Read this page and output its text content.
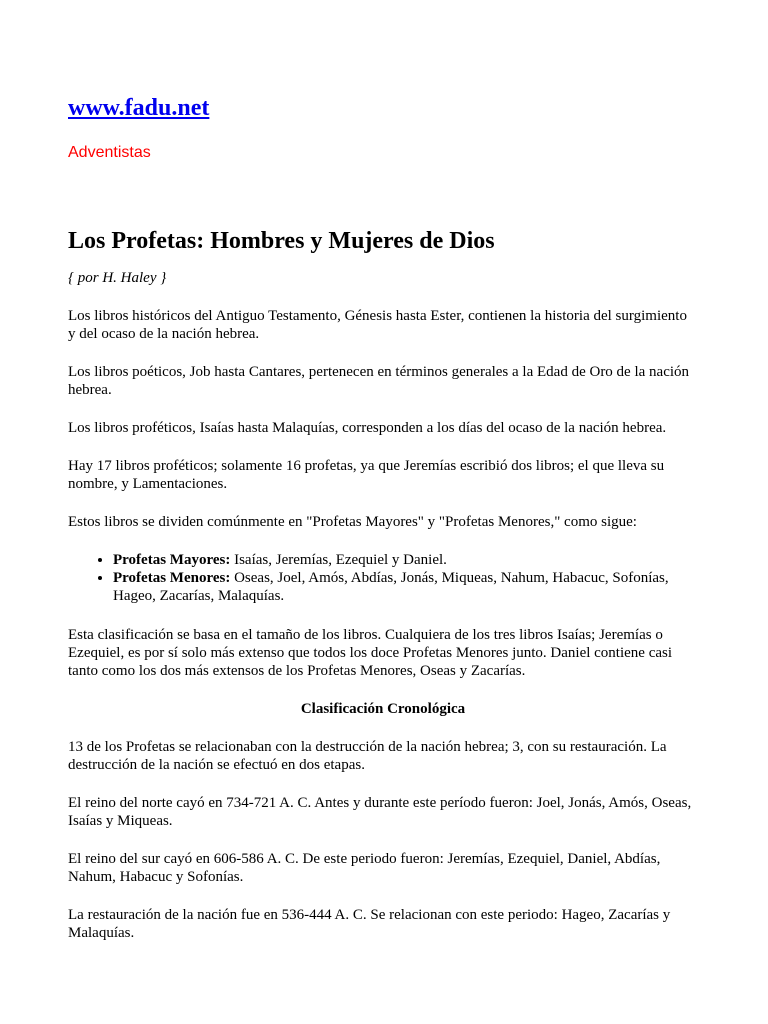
www.fadu.net
Adventistas
Los Profetas: Hombres y Mujeres de Dios

{ por H. Haley }

Los libros históricos del Antiguo Testamento, Génesis hasta Ester, contienen la historia del surgimiento y del ocaso de la nación hebrea.

Los libros poéticos, Job hasta Cantares, pertenecen en términos generales a la Edad de Oro de la nación hebrea.

Los libros proféticos, Isaías hasta Malaquías, corresponden a los días del ocaso de la nación hebrea.

Hay 17 libros proféticos; solamente 16 profetas, ya que Jeremías escribió dos libros; el que lleva su nombre, y Lamentaciones.

Estos libros se dividen comúnmente en "Profetas Mayores" y "Profetas Menores," como sigue:

• Profetas Mayores: Isaías, Jeremías, Ezequiel y Daniel.
• Profetas Menores: Oseas, Joel, Amós, Abdías, Jonás, Miqueas, Nahum, Habacuc, Sofonías, Hageo, Zacarías, Malaquías.

Esta clasificación se basa en el tamaño de los libros. Cualquiera de los tres libros Isaías; Jeremías o Ezequiel, es por sí solo más extenso que todos los doce Profetas Menores junto. Daniel contiene casi tanto como los dos más extensos de los Profetas Menores, Oseas y Zacarías.

Clasificación Cronológica

13 de los Profetas se relacionaban con la destrucción de la nación hebrea; 3, con su restauración. La destrucción de la nación se efectuó en dos etapas.

El reino del norte cayó en 734-721 A. C. Antes y durante este período fueron: Joel, Jonás, Amós, Oseas, Isaías y Miqueas.

El reino del sur cayó en 606-586 A. C. De este periodo fueron: Jeremías, Ezequiel, Daniel, Abdías, Nahum, Habacuc y Sofonías.

La restauración de la nación fue en 536-444 A. C. Se relacionan con este periodo: Hageo, Zacarías y Malaquías.
